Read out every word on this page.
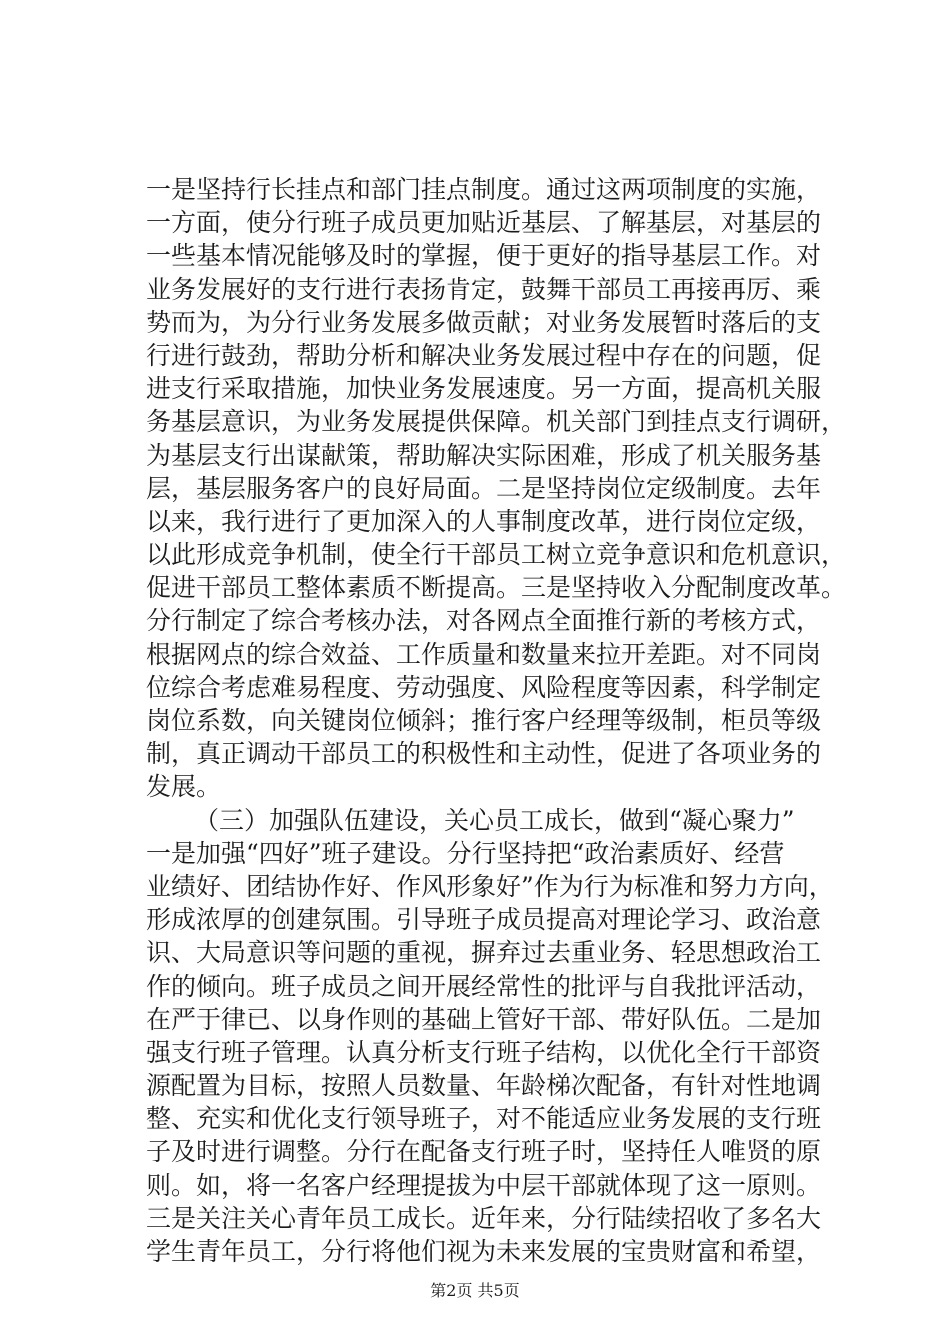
一是坚持行长挂点和部门挂点制度。通过这两项制度的实施，
一方面，使分行班子成员更加贴近基层、了解基层，对基层的
一些基本情况能够及时的掌握，便于更好的指导基层工作。对
业务发展好的支行进行表扬肯定，鼓舞干部员工再接再厉、乘
势而为，为分行业务发展多做贡献；对业务发展暂时落后的支
行进行鼓劲，帮助分析和解决业务发展过程中存在的问题，促
进支行采取措施，加快业务发展速度。另一方面，提高机关服
务基层意识，为业务发展提供保障。机关部门到挂点支行调研，
为基层支行出谋献策，帮助解决实际困难，形成了机关服务基
层，基层服务客户的良好局面。二是坚持岗位定级制度。去年
以来，我行进行了更加深入的人事制度改革，进行岗位定级，
以此形成竞争机制，使全行干部员工树立竞争意识和危机意识，
促进干部员工整体素质不断提高。三是坚持收入分配制度改革。
分行制定了综合考核办法，对各网点全面推行新的考核方式，
根据网点的综合效益、工作质量和数量来拉开差距。对不同岗
位综合考虑难易程度、劳动强度、风险程度等因素，科学制定
岗位系数，向关键岗位倾斜；推行客户经理等级制，柜员等级
制，真正调动干部员工的积极性和主动性，促进了各项业务的
发展。
（三）加强队伍建设，关心员工成长，做到“凝心聚力”
一是加强“四好”班子建设。分行坚持把“政治素质好、经营
业绩好、团结协作好、作风形象好”作为行为标准和努力方向，
形成浓厚的创建氛围。引导班子成员提高对理论学习、政治意
识、大局意识等问题的重视，摒弃过去重业务、轻思想政治工
作的倾向。班子成员之间开展经常性的批评与自我批评活动，
在严于律已、以身作则的基础上管好干部、带好队伍。二是加
强支行班子管理。认真分析支行班子结构，以优化全行干部资
源配置为目标，按照人员数量、年龄梯次配备，有针对性地调
整、充实和优化支行领导班子，对不能适应业务发展的支行班
子及时进行调整。分行在配备支行班子时，坚持任人唯贤的原
则。如，将一名客户经理提拔为中层干部就体现了这一原则。
三是关注关心青年员工成长。近年来，分行陆续招收了多名大
学生青年员工，分行将他们视为未来发展的宝贵财富和希望，

第2页 共5页
